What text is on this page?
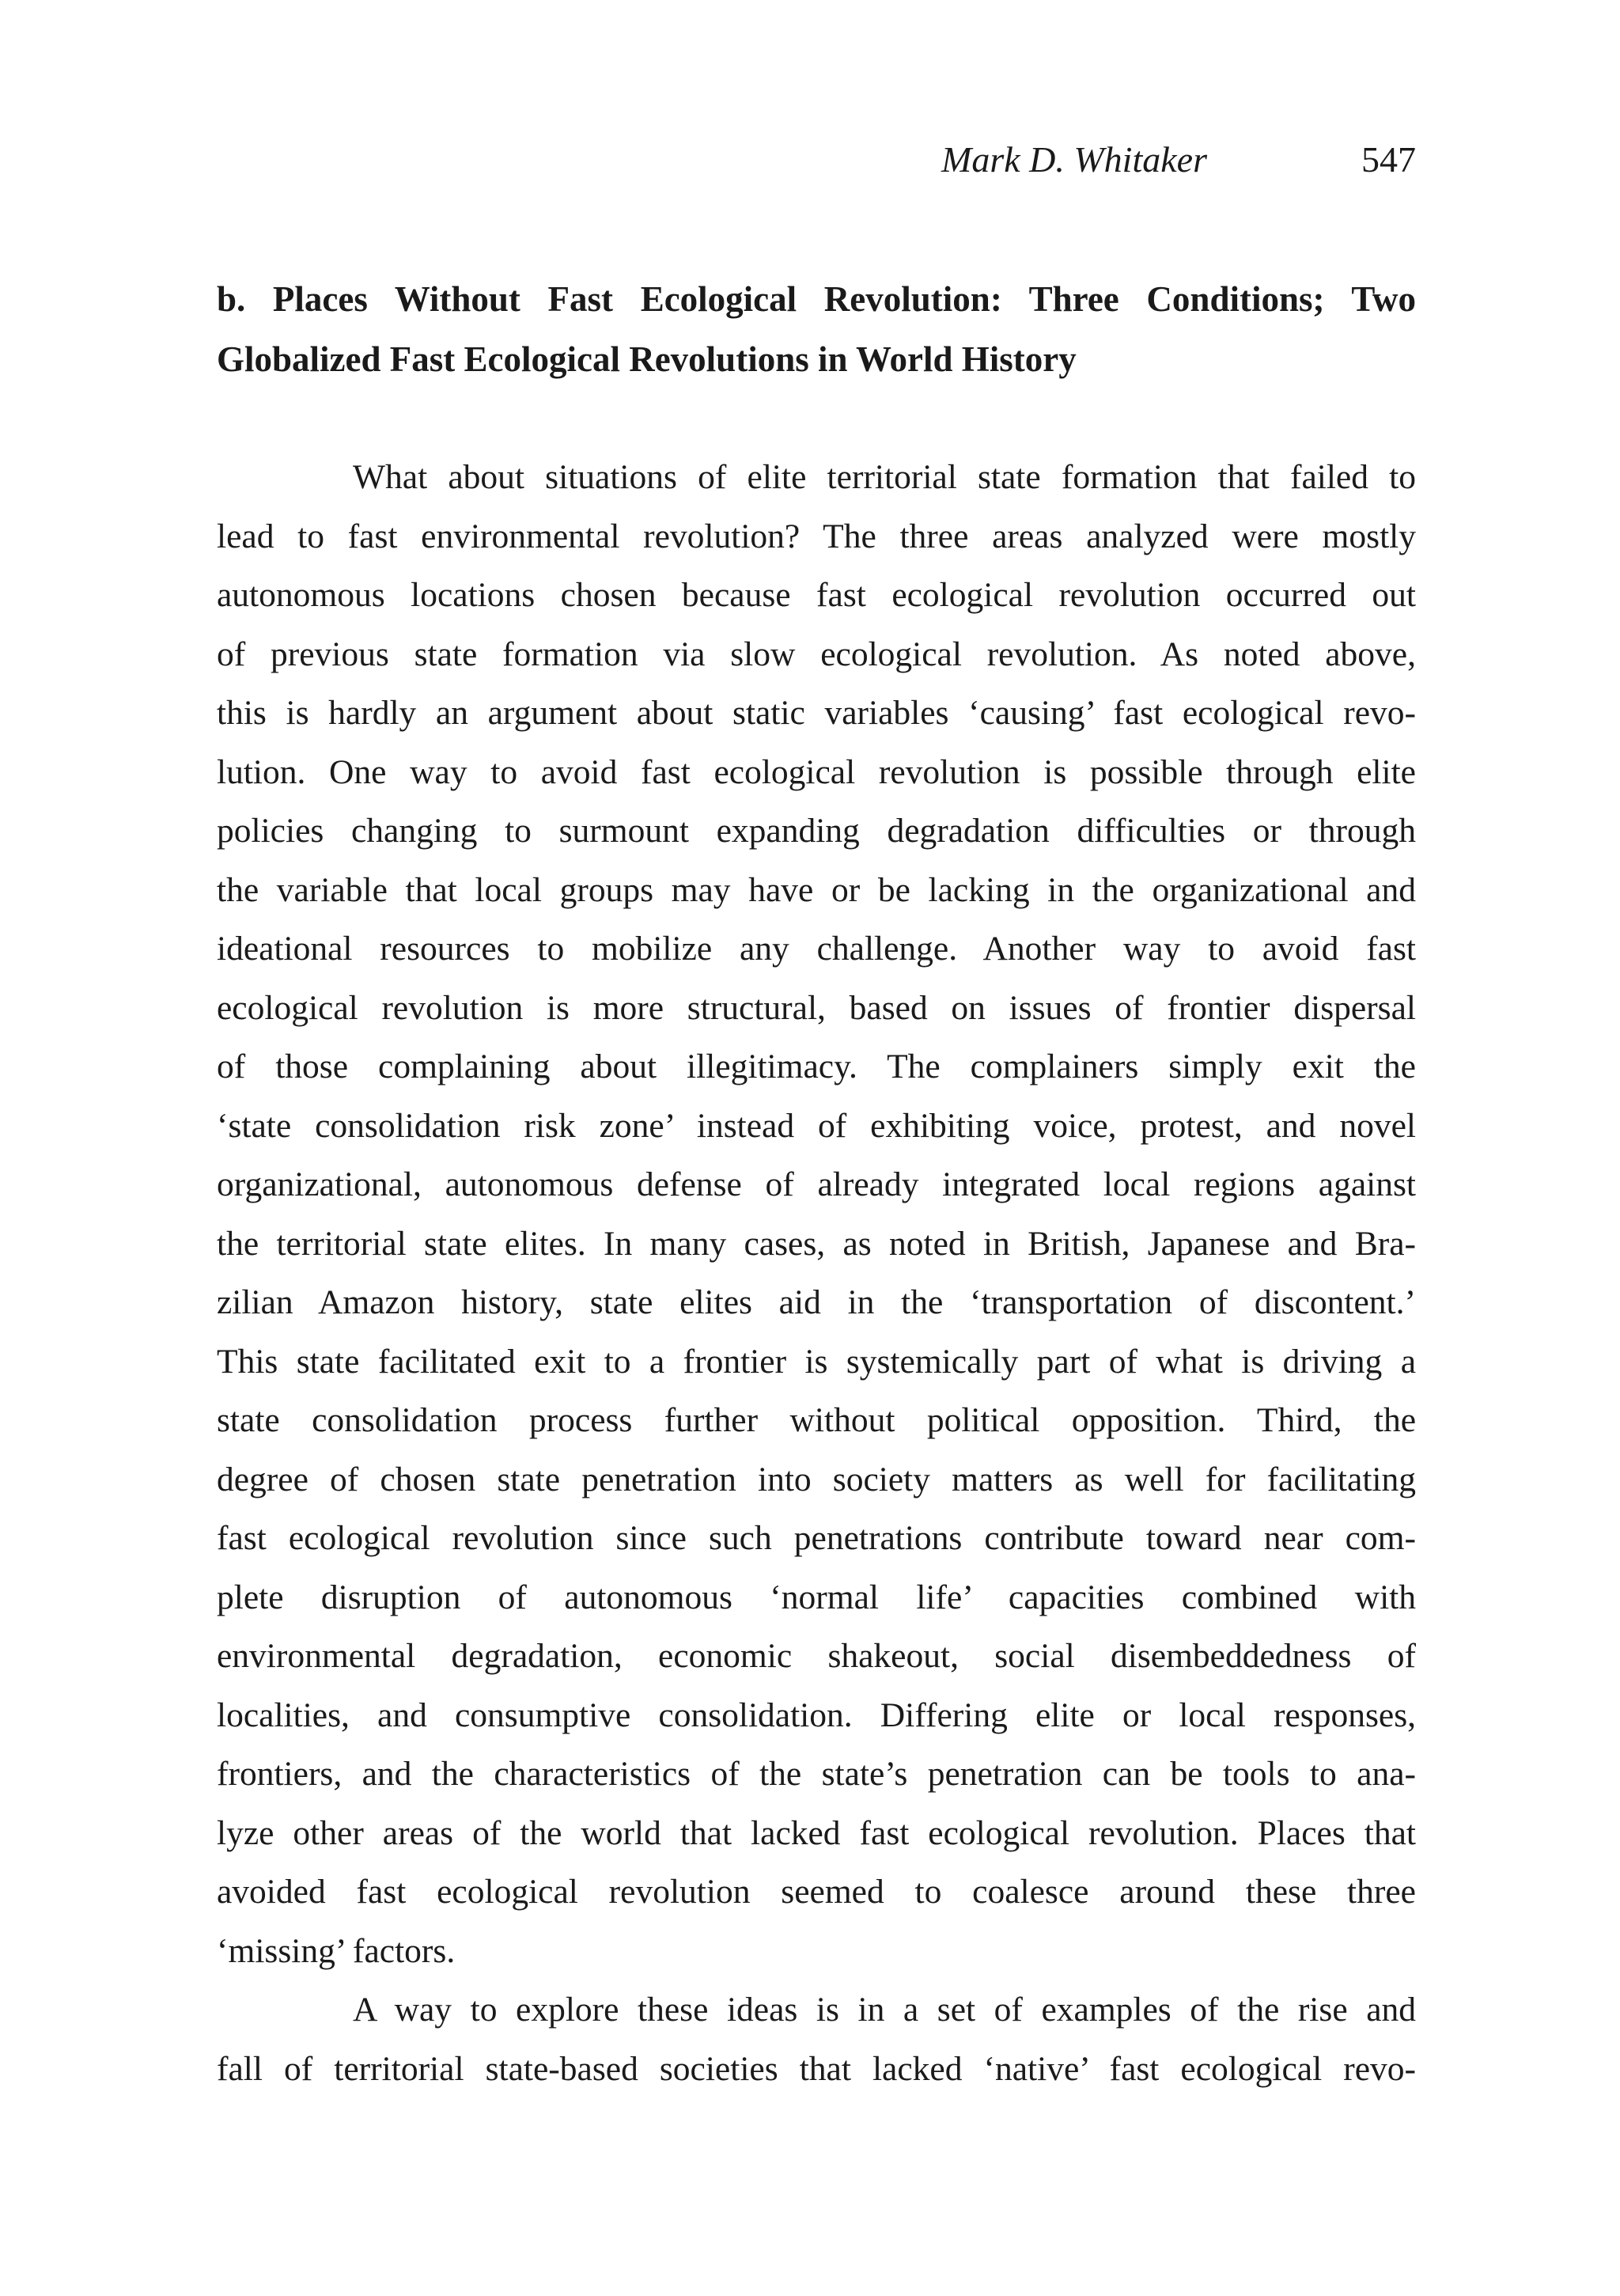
Mark D. Whitaker	547
b. Places Without Fast Ecological Revolution: Three Conditions; Two
Globalized Fast Ecological Revolutions in World History
What about situations of elite territorial state formation that failed to
lead to fast environmental revolution? The three areas analyzed were mostly
autonomous locations chosen because fast ecological revolution occurred out
of previous state formation via slow ecological revolution. As noted above,
this is hardly an argument about static variables ‘causing’ fast ecological revo-
lution. One way to avoid fast ecological revolution is possible through elite
policies changing to surmount expanding degradation difficulties or through
the variable that local groups may have or be lacking in the organizational and
ideational resources to mobilize any challenge. Another way to avoid fast
ecological revolution is more structural, based on issues of frontier dispersal
of those complaining about illegitimacy. The complainers simply exit the
‘state consolidation risk zone’ instead of exhibiting voice, protest, and novel
organizational, autonomous defense of already integrated local regions against
the territorial state elites. In many cases, as noted in British, Japanese and Bra-
zilian Amazon history, state elites aid in the ‘transportation of discontent.’
This state facilitated exit to a frontier is systemically part of what is driving a
state consolidation process further without political opposition. Third, the
degree of chosen state penetration into society matters as well for facilitating
fast ecological revolution since such penetrations contribute toward near com-
plete disruption of autonomous ‘normal life’ capacities combined with
environmental degradation, economic shakeout, social disembeddedness of
localities, and consumptive consolidation. Differing elite or local responses,
frontiers, and the characteristics of the state’s penetration can be tools to ana-
lyze other areas of the world that lacked fast ecological revolution. Places that
avoided fast ecological revolution seemed to coalesce around these three
‘missing’ factors.
A way to explore these ideas is in a set of examples of the rise and
fall of territorial state-based societies that lacked ‘native’ fast ecological revo-
